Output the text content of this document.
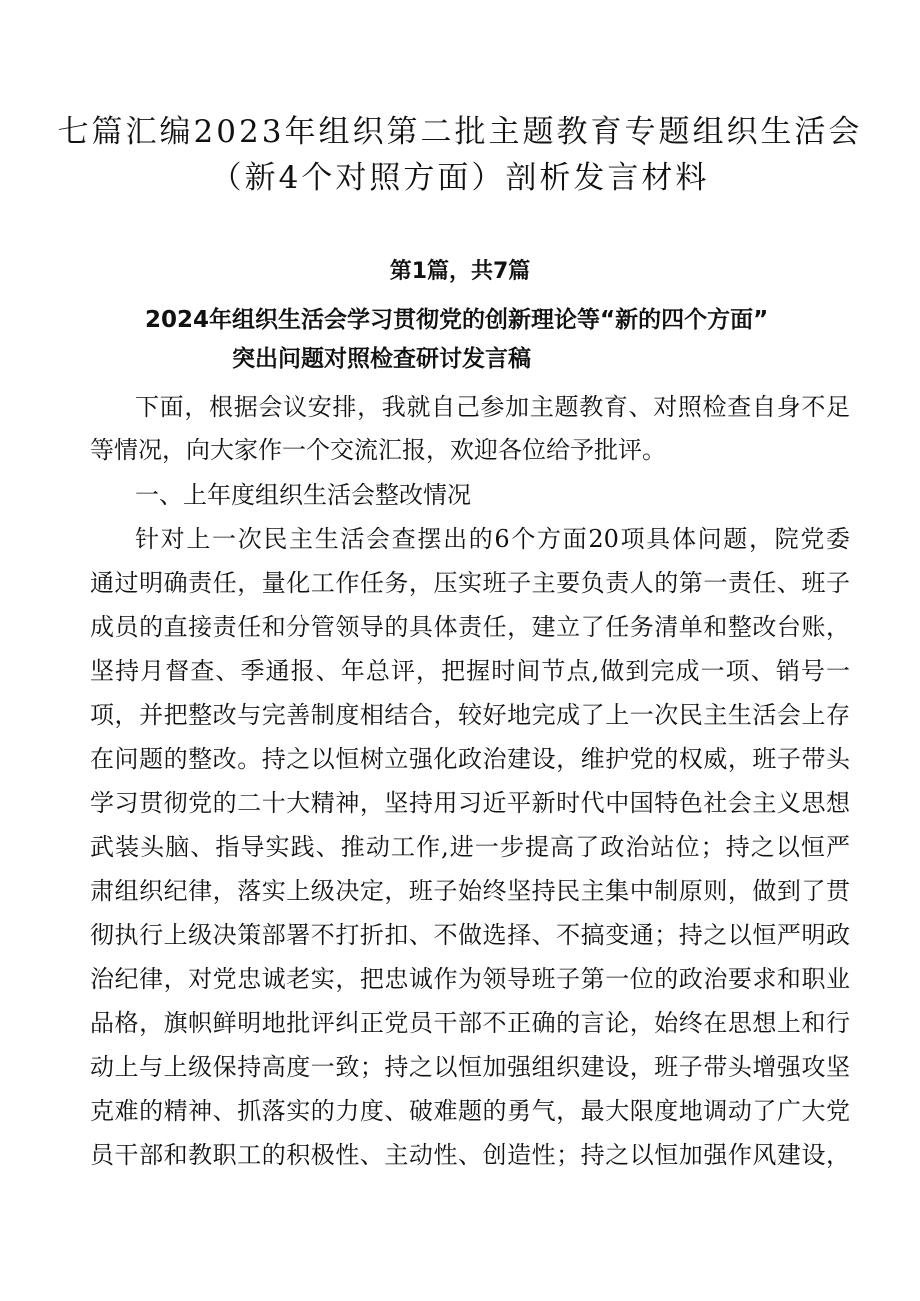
七篇汇编2023年组织第二批主题教育专题组织生活会
（新4个对照方面）剖析发言材料
第1篇，共7篇
2024年组织生活会学习贯彻党的创新理论等“新的四个方面”
突出问题对照检查研讨发言稿
下面，根据会议安排，我就自己参加主题教育、对照检查自身不足
等情况，向大家作一个交流汇报，欢迎各位给予批评。
一、上年度组织生活会整改情况
针对上一次民主生活会查摆出的6个方面20项具体问题，院党委
通过明确责任，量化工作任务，压实班子主要负责人的第一责任、班子
成员的直接责任和分管领导的具体责任，建立了任务清单和整改台账，
坚持月督查、季通报、年总评，把握时间节点,做到完成一项、销号一
项，并把整改与完善制度相结合，较好地完成了上一次民主生活会上存
在问题的整改。持之以恒树立强化政治建设，维护党的权威，班子带头
学习贯彻党的二十大精神，坚持用习近平新时代中国特色社会主义思想
武装头脑、指导实践、推动工作,进一步提高了政治站位；持之以恒严
肃组织纪律，落实上级决定，班子始终坚持民主集中制原则，做到了贯
彻执行上级决策部署不打折扣、不做选择、不搞变通；持之以恒严明政
治纪律，对党忠诚老实，把忠诚作为领导班子第一位的政治要求和职业
品格，旗帜鲜明地批评纠正党员干部不正确的言论，始终在思想上和行
动上与上级保持高度一致；持之以恒加强组织建设，班子带头增强攻坚
克难的精神、抓落实的力度、破难题的勇气，最大限度地调动了广大党
员干部和教职工的积极性、主动性、创造性；持之以恒加强作风建设，
